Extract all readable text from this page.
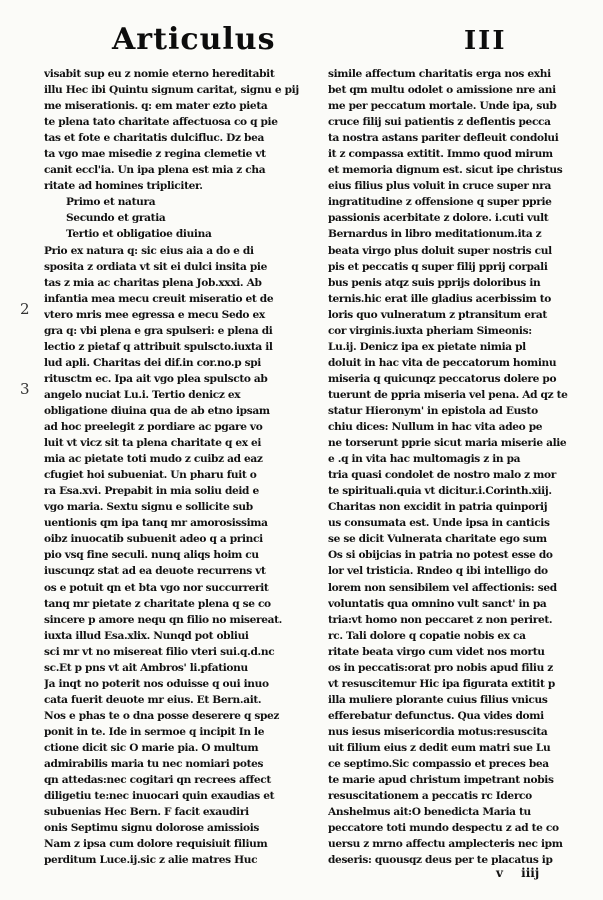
Articulus	III
2
3
visabit sup eu z nomie eterno hereditabit
illu Hec ibi Quintu signum caritat, signu e pij
me miserationis. q: em mater ezto pieta
te plena tato charitate affectuosa co q pie
tas et fote e charitatis dulcifluc. Dz bea
ta vgo mae misedie z regina clemetie vt
canit eccl'ia. Un ipa plena est mia z cha
ritate ad homines tripliciter.
Primo et natura
Secundo et gratia
Tertio et obligatioe diuina
Prio ex natura q: sic eius aia a do e di
sposita z ordiata vt sit ei dulci insita pie
tas z mia ac charitas plena Job.xxxi. Ab
infantia mea mecu creuit miseratio et de
vtero mris mee egressa e mecu Sedo ex
gra q: vbi plena e gra spulseri: e plena di
lectio z pietaf q attribuit spulscto.iuxta il
lud apli. Charitas dei dif.in cor.no.p spi
ritusctm ec. Ipa ait vgo plea spulscto ab
angelo nuciat Lu.i. Tertio denicz ex
obligatione diuina qua de ab etno ipsam
ad hoc preelegit z pordiare ac pgare vo
luit vt vicz sit ta plena charitate q ex ei
mia ac pietate toti mudo z cuibz ad eaz
cfugiet hoi subueniat. Un pharu fuit o
ra Esa.xvi. Prepabit in mia soliu deid e
vgo maria. Sextu signu e sollicite sub
uentionis qm ipa tanq mr amorosissima
oibz inuocatib subuenit adeo q a princi
pio vsq fine seculi. nunq aliqs hoim cu
iuscunqz stat ad ea deuote recurrens vt
os e potuit qn et bta vgo nor succurrerit
tanq mr pietate z charitate plena q se co
sincere p amore nequ qn filio no misereat.
iuxta illud Esa.xlix. Nunqd pot obliui
sci mr vt no misereat filio vteri sui.q.d.nc
sc.Et p pns vt ait Ambros' li.pfationu
Ja inqt no poterit nos oduisse q oui inuo
cata fuerit deuote mr eius. Et Bern.ait.
Nos e phas te o dna posse deserere q spez
ponit in te. Ide in sermoe q incipit In le
ctione dicit sic O marie pia. O multum
admirabilis maria tu nec nomiari potes
qn attedas:nec cogitari qn recrees affect
diligetiu te:nec inuocari quin exaudias et
subuenias Hec Bern. F facit exaudiri
onis Septimu signu dolorose amissiois
Nam z ipsa cum dolore requisiuit filium
perditum Luce.ij.sic z alie matres Huc
simile affectum charitatis erga nos exhi
bet qm multu odolet o amissione nre ani
me per peccatum mortale. Unde ipa, sub
cruce filij sui patientis z deflentis pecca
ta nostra astans pariter defleuit condolui
it z compassa extitit. Immo quod mirum
et memoria dignum est. sicut ipe christus
eius filius plus voluit in cruce super nra
ingratitudine z offensione q super pprie
passionis acerbitate z dolore. i.cuti vult
Bernardus in libro meditationum.ita z
beata virgo plus doluit super nostris cul
pis et peccatis q super filij pprij corpali
bus penis atqz suis pprijs doloribus in
ternis.hic erat ille gladius acerbissim to
loris quo vulneratum z ptransitum erat
cor virginis.iuxta pheriam Simeonis:
Lu.ij. Denicz ipa ex pietate nimia pl
doluit in hac vita de peccatorum hominu
miseria q quicunqz peccatorus dolere po
tuerunt de ppria miseria vel pena. Ad qz te
statur Hieronym' in epistola ad Eusto
chiu dices: Nullum in hac vita adeo pe
ne torserunt pprie sicut maria miserie alie
e .q in vita hac multomagis z in pa
tria quasi condolet de nostro malo z mor
te spirituali.quia vt dicitur.i.Corinth.xiij.
Charitas non excidit in patria quinporij
us consumata est. Unde ipsa in canticis
se se dicit Vulnerata charitate ego sum
Os si obijcias in patria no potest esse do
lor vel tristicia. Rndeo q ibi intelligo do
lorem non sensibilem vel affectionis: sed
voluntatis qua omnino vult sanct' in pa
tria:vt homo non peccaret z non periret.
rc. Tali dolore q copatie nobis ex ca
ritate beata virgo cum videt nos mortu
os in peccatis:orat pro nobis apud filiu z
vt resuscitemur Hic ipa figurata extitit p
illa muliere plorante cuius filius vnicus
efferebatur defunctus. Qua vides domi
nus iesus misericordia motus:resuscita
uit filium eius z dedit eum matri sue Lu
ce septimo.Sic compassio et preces bea
te marie apud christum impetrant nobis
resuscitationem a peccatis rc Iderco
Anshelmus ait:O benedicta Maria tu
peccatore toti mundo despectu z ad te co
uersu z mrno affectu amplecteris nec ipm
deseris: quousqz deus per te placatus ip
v iiij
